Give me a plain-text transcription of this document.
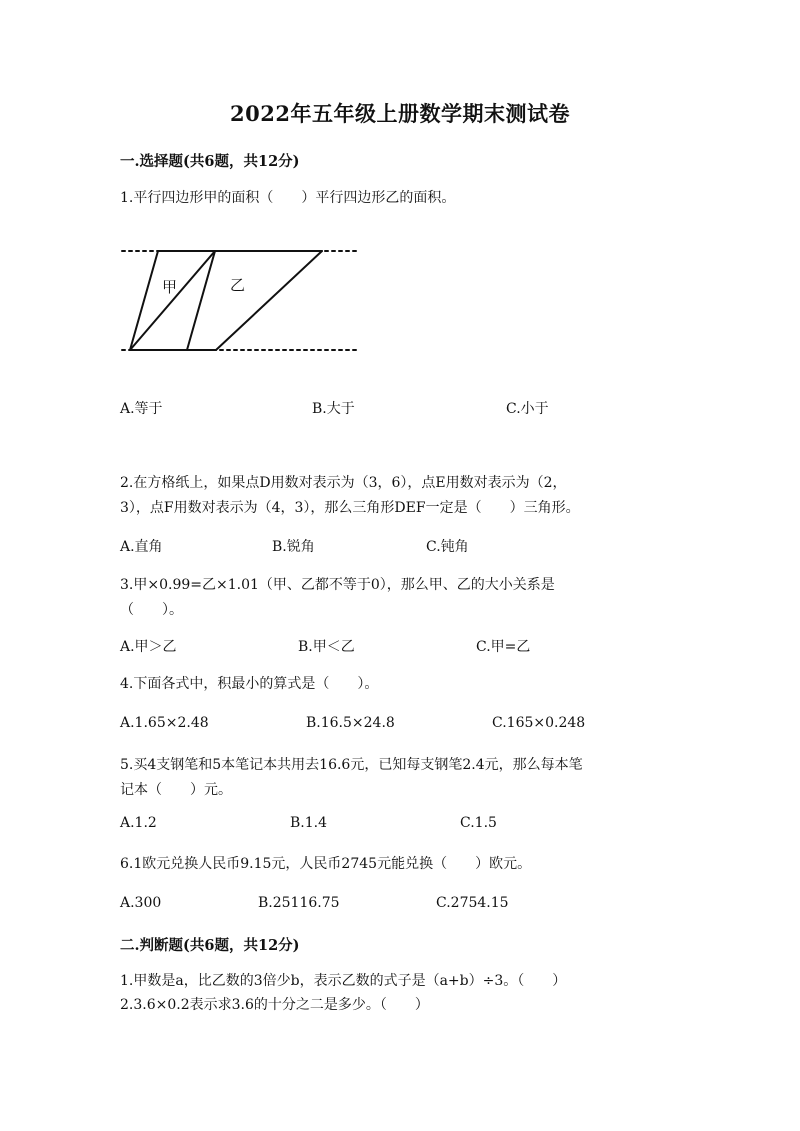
2022年五年级上册数学期末测试卷
一.选择题(共6题，共12分)
1.平行四边形甲的面积（　　）平行四边形乙的面积。
甲	乙
A.等于	B.大于	C.小于
2.在方格纸上，如果点D用数对表示为（3，6），点E用数对表示为（2，
3），点F用数对表示为（4，3），那么三角形DEF一定是（　　）三角形。
A.直角	B.锐角	C.钝角
3.甲×0.99=乙×1.01（甲、乙都不等于0），那么甲、乙的大小关系是
（　　）。
A.甲＞乙	B.甲＜乙	C.甲=乙
4.下面各式中，积最小的算式是（　　）。
A.1.65×2.48	B.16.5×24.8	C.165×0.248
5.买4支钢笔和5本笔记本共用去16.6元，已知每支钢笔2.4元，那么每本笔
记本（　　）元。
A.1.2	B.1.4	C.1.5
6.1欧元兑换人民币9.15元，人民币2745元能兑换（　　）欧元。
A.300	B.25116.75	C.2754.15
二.判断题(共6题，共12分)
1.甲数是a，比乙数的3倍少b，表示乙数的式子是（a+b）÷3。（　　）
2.3.6×0.2表示求3.6的十分之二是多少。（　　）
